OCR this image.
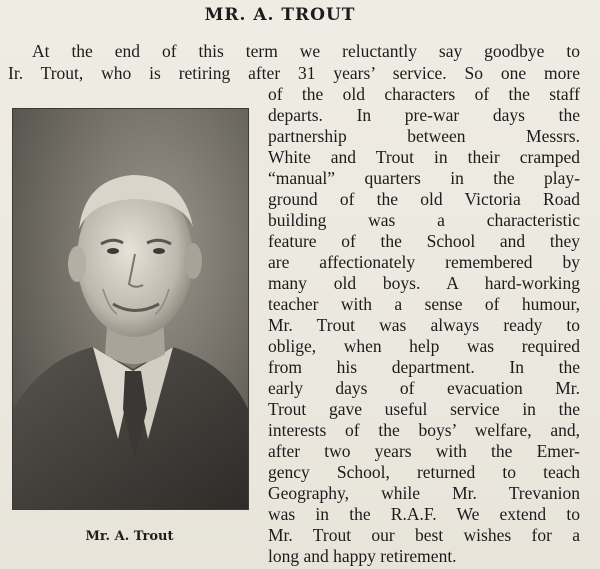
MR. A. TROUT
At the end of this term we reluctantly say goodbye to
Ir. Trout, who is retiring after 31 years’ service. So one more
of the old characters of the staff
departs. In pre-war days the
partnership between Messrs.
White and Trout in their cramped
“manual” quarters in the play-
ground of the old Victoria Road
building was a characteristic
feature of the School and they
are affectionately remembered by
many old boys. A hard-working
teacher with a sense of humour,
Mr. Trout was always ready to
oblige, when help was required
from his department. In the
early days of evacuation Mr.
Trout gave useful service in the
interests of the boys’ welfare, and,
after two years with the Emer-
gency School, returned to teach
Geography, while Mr. Trevanion
was in the R.A.F. We extend to
Mr. Trout our best wishes for a
long and happy retirement.
Mr. A. Trout
